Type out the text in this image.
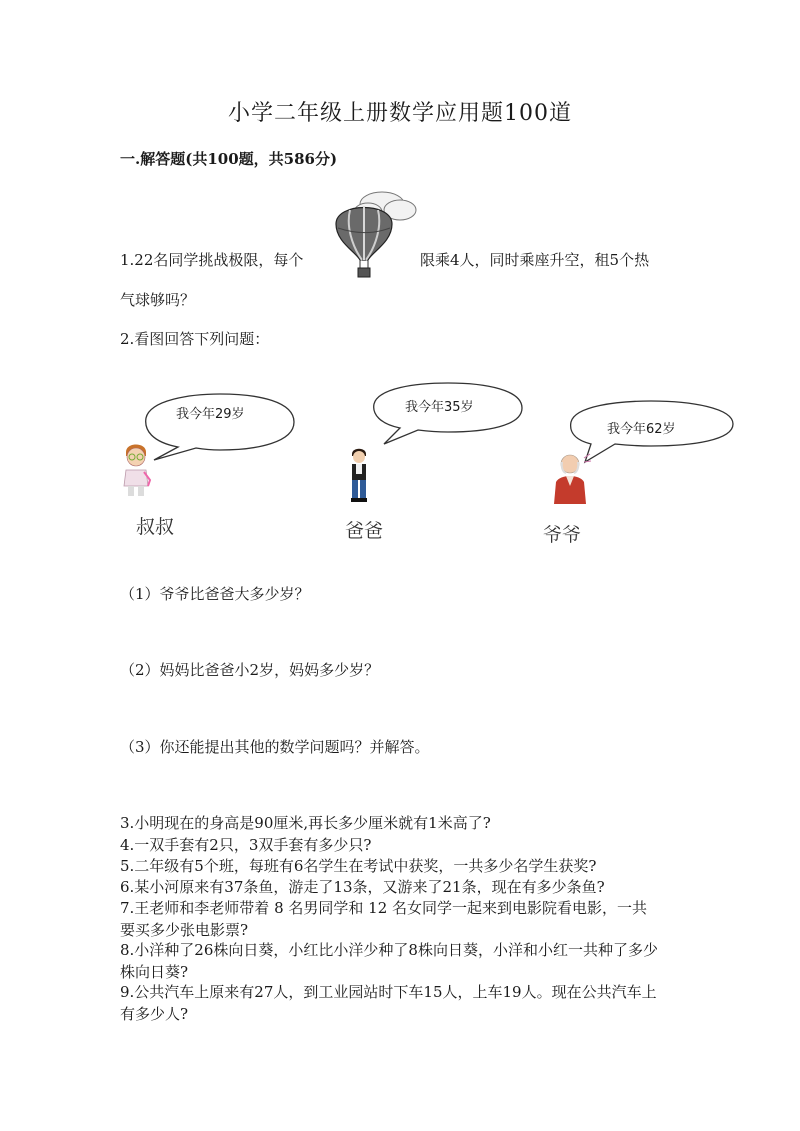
小学二年级上册数学应用题100道
一.解答题(共100题，共586分)
1.22名同学挑战极限，每个	限乘4人，同时乘座升空，租5个热
气球够吗？
2.看图回答下列问题：
我今年29岁	我今年35岁
我今年62岁
叔叔	爸爸	爷爷
（1）爷爷比爸爸大多少岁？
（2）妈妈比爸爸小2岁，妈妈多少岁？
（3）你还能提出其他的数学问题吗？并解答。
3.小明现在的身高是90厘米,再长多少厘米就有1米高了?
4.一双手套有2只，3双手套有多少只?
5.二年级有5个班，每班有6名学生在考试中获奖，一共多少名学生获奖?
6.某小河原来有37条鱼，游走了13条，又游来了21条，现在有多少条鱼?
7.王老师和李老师带着 8 名男同学和 12 名女同学一起来到电影院看电影，一共要买多少张电影票?
8.小洋种了26株向日葵，小红比小洋少种了8株向日葵，小洋和小红一共种了多少株向日葵?
9.公共汽车上原来有27人，到工业园站时下车15人，上车19人。现在公共汽车上有多少人?
